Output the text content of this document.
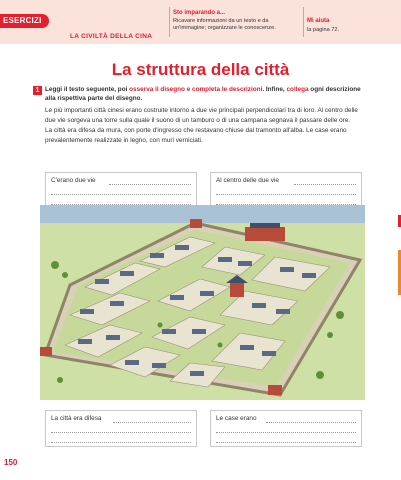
ESERCIZI
LA CIVILTÀ DELLA CINA
Sto imparando a...
Ricavare informazioni da un testo e da un'immagine; organizzare le conoscenze.
Mi aiuta
la pagina 72.
La struttura della città
1 Leggi il testo seguente, poi osserva il disegno e completa le descrizioni. Infine, collega ogni descrizione alla rispettiva parte del disegno.

Le più importanti città cinesi erano costruite intorno a due vie principali perpendicolari tra di loro. Al centro delle due vie sorgeva una torre sulla quale il suono di un tamburo o di una campana segnava il passare delle ore.

La città era difesa da mura, con porte d'ingresso che restavano chiuse dal tramonto all'alba. Le case erano prevalentemente realizzate in legno, con muri verniciati.

C'erano due vie	Al centro delle due vie
La città era difesa	Le case erano
150
